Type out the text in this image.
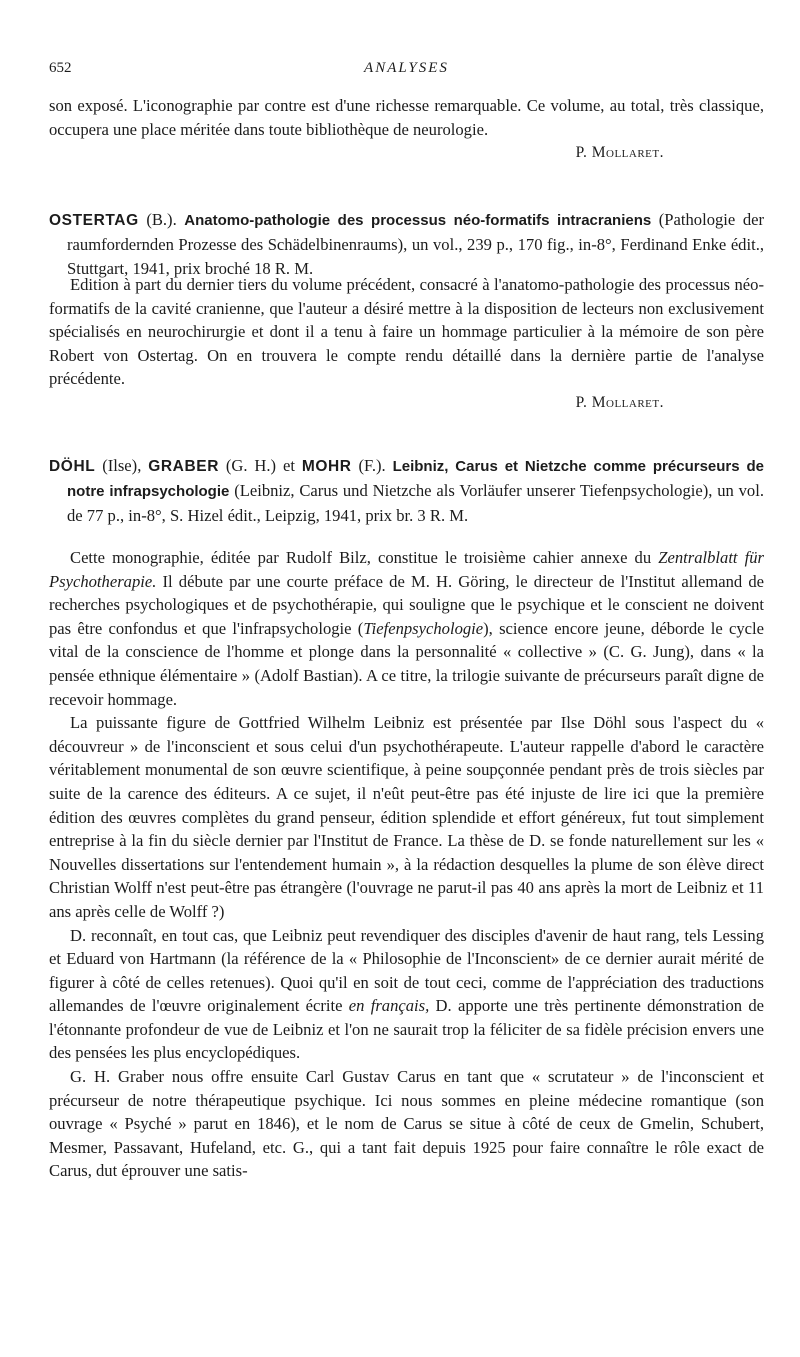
652	ANALYSES

son exposé. L'iconographie par contre est d'une richesse remarquable. Ce volume, au total, très classique, occupera une place méritée dans toute bibliothèque de neurologie.

P. Mollaret.

OSTERTAG (B.). Anatomo-pathologie des processus néo-formatifs intracraniens (Pathologie der raumfordernden Prozesse des Schädelbinenraums), un vol., 239 p., 170 fig., in-8°, Ferdinand Enke édit., Stuttgart, 1941, prix broché 18 R. M.

Edition à part du dernier tiers du volume précédent, consacré à l'anatomo-pathologie des processus néo-formatifs de la cavité cranienne, que l'auteur a désiré mettre à la disposition de lecteurs non exclusivement spécialisés en neurochirurgie et dont il a tenu à faire un hommage particulier à la mémoire de son père Robert von Ostertag. On en trouvera le compte rendu détaillé dans la dernière partie de l'analyse précédente.

P. Mollaret.

DÖHL (Ilse), GRABER (G. H.) et MOHR (F.). Leibniz, Carus et Nietzche comme précurseurs de notre infrapsychologie (Leibniz, Carus und Nietzche als Vorläufer unserer Tiefenpsychologie), un vol. de 77 p., in-8°, S. Hizel édit., Leipzig, 1941, prix br. 3 R. M.

Cette monographie, éditée par Rudolf Bilz, constitue le troisième cahier annexe du Zentralblatt für Psychotherapie. Il débute par une courte préface de M. H. Göring, le directeur de l'Institut allemand de recherches psychologiques et de psychothérapie, qui souligne que le psychique et le conscient ne doivent pas être confondus et que l'infrapsychologie (Tiefenpsychologie), science encore jeune, déborde le cycle vital de la conscience de l'homme et plonge dans la personnalité « collective » (C. G. Jung), dans « la pensée ethnique élémentaire » (Adolf Bastian). A ce titre, la trilogie suivante de précurseurs paraît digne de recevoir hommage.

La puissante figure de Gottfried Wilhelm Leibniz est présentée par Ilse Döhl sous l'aspect du « découvreur » de l'inconscient et sous celui d'un psychothérapeute. L'auteur rappelle d'abord le caractère véritablement monumental de son œuvre scientifique, à peine soupçonnée pendant près de trois siècles par suite de la carence des éditeurs. A ce sujet, il n'eût peut-être pas été injuste de lire ici que la première édition des œuvres complètes du grand penseur, édition splendide et effort généreux, fut tout simplement entreprise à la fin du siècle dernier par l'Institut de France. La thèse de D. se fonde naturellement sur les « Nouvelles dissertations sur l'entendement humain », à la rédaction desquelles la plume de son élève direct Christian Wolff n'est peut-être pas étrangère (l'ouvrage ne parut-il pas 40 ans après la mort de Leibniz et 11 ans après celle de Wolff ?)

D. reconnaît, en tout cas, que Leibniz peut revendiquer des disciples d'avenir de haut rang, tels Lessing et Eduard von Hartmann (la référence de la « Philosophie de l'Inconscient» de ce dernier aurait mérité de figurer à côté de celles retenues). Quoi qu'il en soit de tout ceci, comme de l'appréciation des traductions allemandes de l'œuvre originalement écrite en français, D. apporte une très pertinente démonstration de l'étonnante profondeur de vue de Leibniz et l'on ne saurait trop la féliciter de sa fidèle précision envers une des pensées les plus encyclopédiques.

G. H. Graber nous offre ensuite Carl Gustav Carus en tant que « scrutateur » de l'inconscient et précurseur de notre thérapeutique psychique. Ici nous sommes en pleine médecine romantique (son ouvrage « Psyché » parut en 1846), et le nom de Carus se situe à côté de ceux de Gmelin, Schubert, Mesmer, Passavant, Hufeland, etc. G., qui a tant fait depuis 1925 pour faire connaître le rôle exact de Carus, dut éprouver une satis-
